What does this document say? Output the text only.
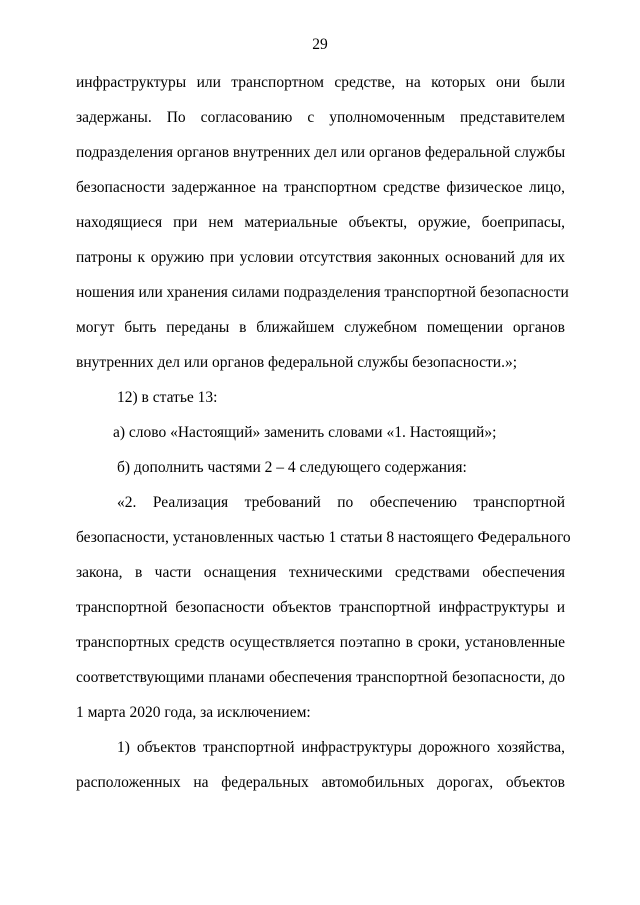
29
инфраструктуры или транспортном средстве, на которых они были
задержаны. По согласованию с уполномоченным представителем
подразделения органов внутренних дел или органов федеральной службы
безопасности задержанное на транспортном средстве физическое лицо,
находящиеся при нем материальные объекты, оружие, боеприпасы,
патроны к оружию при условии отсутствия законных оснований для их
ношения или хранения силами подразделения транспортной безопасности
могут быть переданы в ближайшем служебном помещении органов
внутренних дел или органов федеральной службы безопасности.»;
12) в статье 13:
а) слово «Настоящий» заменить словами «1. Настоящий»;
б) дополнить частями 2 – 4 следующего содержания:
«2. Реализация требований по обеспечению транспортной
безопасности, установленных частью 1 статьи 8 настоящего Федерального
закона, в части оснащения техническими средствами обеспечения
транспортной безопасности объектов транспортной инфраструктуры и
транспортных средств осуществляется поэтапно в сроки, установленные
соответствующими планами обеспечения транспортной безопасности, до
1 марта 2020 года, за исключением:
1) объектов транспортной инфраструктуры дорожного хозяйства,
расположенных на федеральных автомобильных дорогах, объектов
